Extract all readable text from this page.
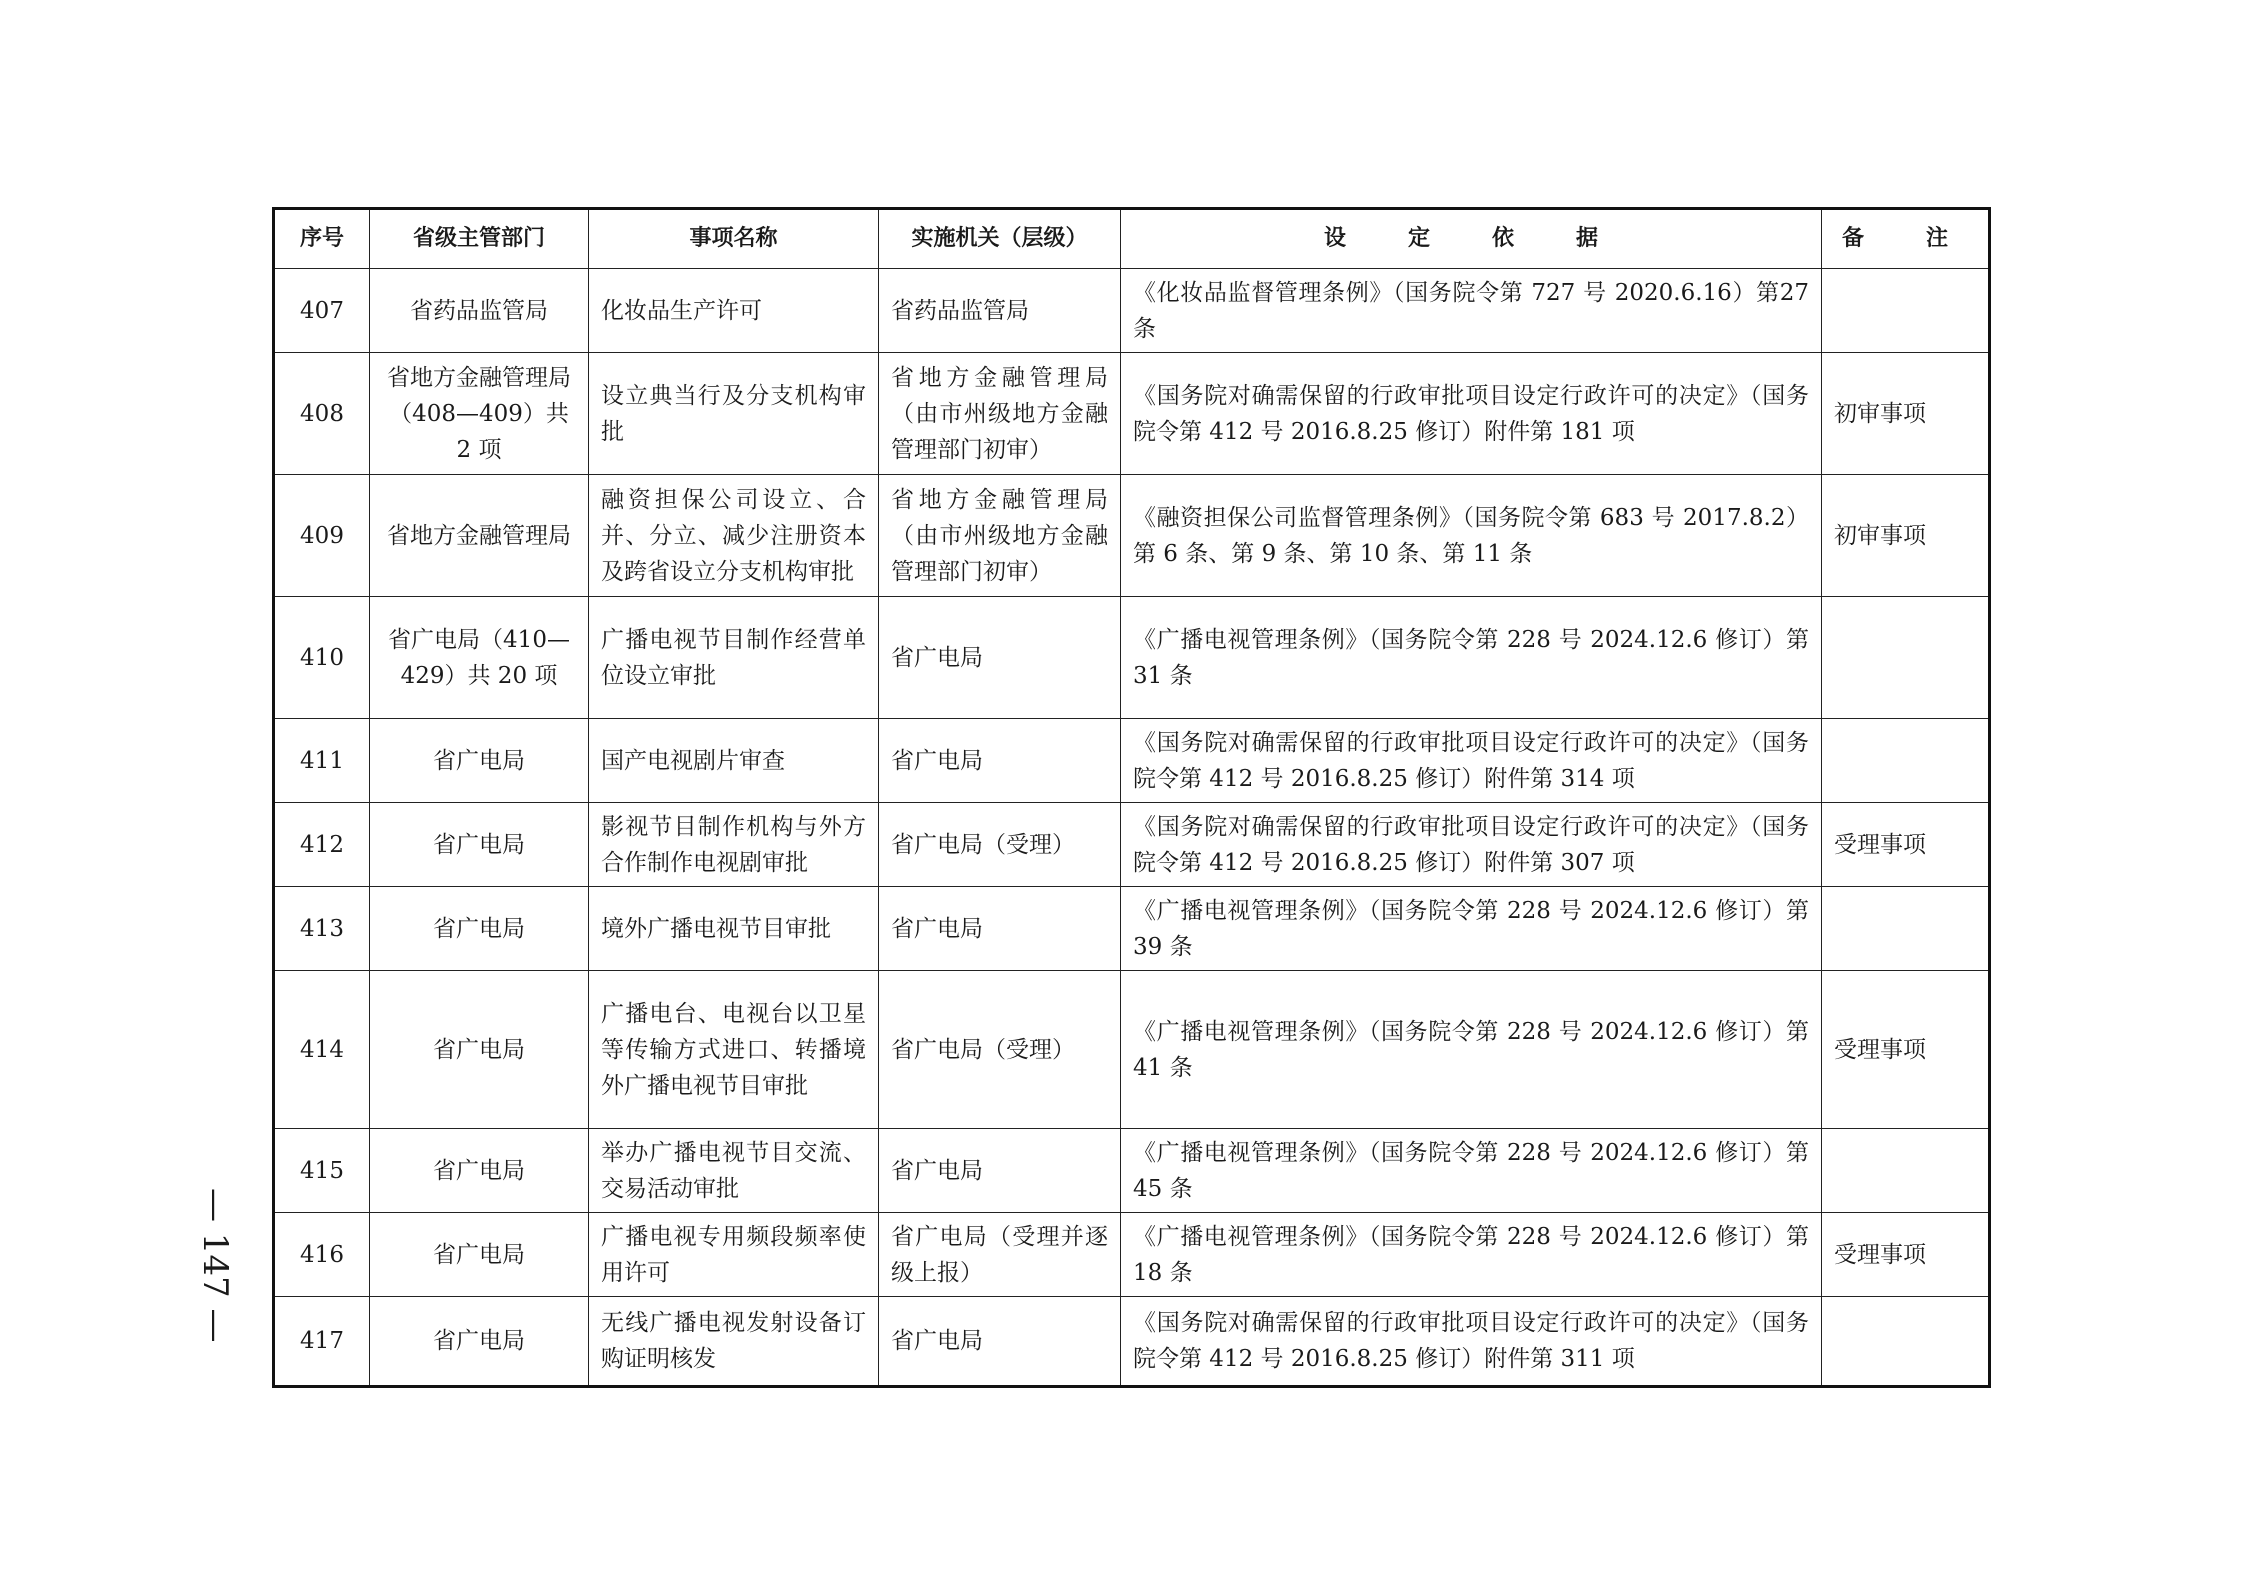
序号	省级主管部门	事项名称	实施机关（层级）	设　定　依　据	备　注
407	省药品监管局	化妆品生产许可	省药品监管局	《化妆品监督管理条例》（国务院令第 727 号 2020.6.16）第27 条	
408	省地方金融管理局（408—409）共 2 项	设立典当行及分支机构审批	省地方金融管理局（由市州级地方金融管理部门初审）	《国务院对确需保留的行政审批项目设定行政许可的决定》（国务院令第 412 号 2016.8.25 修订）附件第 181 项	初审事项
409	省地方金融管理局	融资担保公司设立、合并、分立、减少注册资本及跨省设立分支机构审批	省地方金融管理局（由市州级地方金融管理部门初审）	《融资担保公司监督管理条例》（国务院令第 683 号 2017.8.2）第 6 条、第 9 条、第 10 条、第 11 条	初审事项
410	省广电局（410—429）共 20 项	广播电视节目制作经营单位设立审批	省广电局	《广播电视管理条例》（国务院令第 228 号 2024.12.6 修订）第31 条	
411	省广电局	国产电视剧片审查	省广电局	《国务院对确需保留的行政审批项目设定行政许可的决定》（国务院令第 412 号 2016.8.25 修订）附件第 314 项	
412	省广电局	影视节目制作机构与外方合作制作电视剧审批	省广电局（受理）	《国务院对确需保留的行政审批项目设定行政许可的决定》（国务院令第 412 号 2016.8.25 修订）附件第 307 项	受理事项
413	省广电局	境外广播电视节目审批	省广电局	《广播电视管理条例》（国务院令第 228 号 2024.12.6 修订）第39 条	
414	省广电局	广播电台、电视台以卫星等传输方式进口、转播境外广播电视节目审批	省广电局（受理）	《广播电视管理条例》（国务院令第 228 号 2024.12.6 修订）第41 条	受理事项
415	省广电局	举办广播电视节目交流、交易活动审批	省广电局	《广播电视管理条例》（国务院令第 228 号 2024.12.6 修订）第45 条	
416	省广电局	广播电视专用频段频率使用许可	省广电局（受理并逐级上报）	《广播电视管理条例》（国务院令第 228 号 2024.12.6 修订）第18 条	受理事项
417	省广电局	无线广播电视发射设备订购证明核发	省广电局	《国务院对确需保留的行政审批项目设定行政许可的决定》（国务院令第 412 号 2016.8.25 修订）附件第 311 项	
— 147 —
